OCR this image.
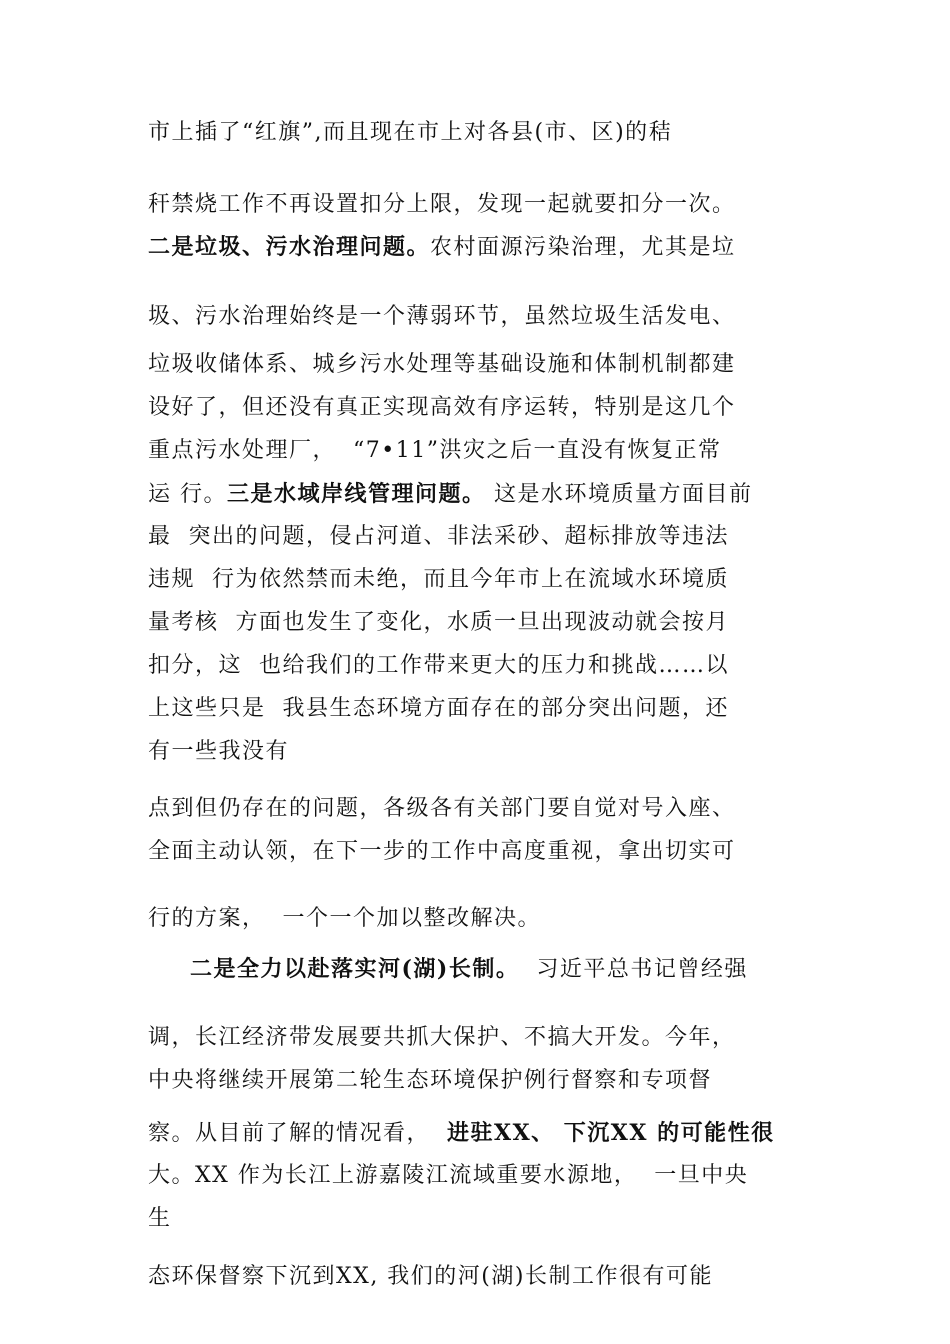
市上插了“红旗”,而且现在市上对各县(市、区)的秸
秆禁烧工作不再设置扣分上限，发现一起就要扣分一次。
二是垃圾、污水治理问题。农村面源污染治理，尤其是垃
圾、污水治理始终是一个薄弱环节，虽然垃圾生活发电、
垃圾收储体系、城乡污水处理等基础设施和体制机制都建
设好了，但还没有真正实现高效有序运转，特别是这几个
重点污水处理厂，  “7•11”洪灾之后一直没有恢复正常
运 行。三是水域岸线管理问题。 这是水环境质量方面目前
最  突出的问题，侵占河道、非法采砂、超标排放等违法
违规  行为依然禁而未绝，而且今年市上在流域水环境质
量考核  方面也发生了变化，水质一旦出现波动就会按月
扣分，这  也给我们的工作带来更大的压力和挑战……以
上这些只是  我县生态环境方面存在的部分突出问题，还
有一些我没有
点到但仍存在的问题，各级各有关部门要自觉对号入座、
全面主动认领，在下一步的工作中高度重视，拿出切实可
行的方案，  一个一个加以整改解决。
二是全力以赴落实河(湖)长制。  习近平总书记曾经强
调，长江经济带发展要共抓大保护、不搞大开发。今年，
中央将继续开展第二轮生态环境保护例行督察和专项督
察。从目前了解的情况看，  进驻XX、 下沉XX 的可能性很
大。XX 作为长江上游嘉陵江流域重要水源地，  一旦中央
生
态环保督察下沉到XX, 我们的河(湖)长制工作很有可能
